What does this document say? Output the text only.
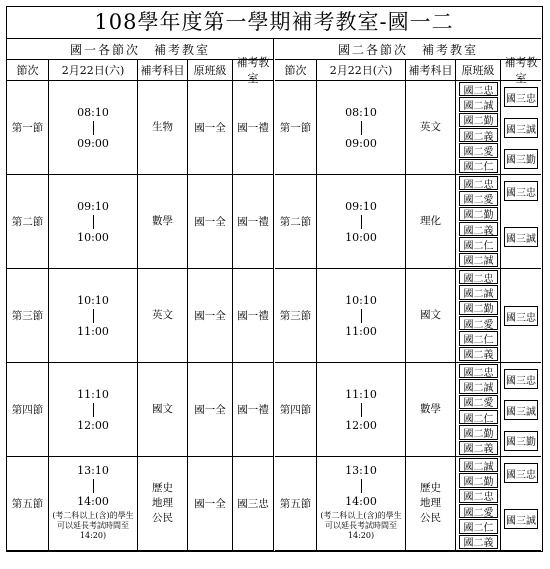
108學年度第一學期補考教室-國一二
國一各節次　補考教室
節次 2月22日(六) 補考科目 原班級
補考教室
第一節
08:10
09:00
生物 國一全 國一禮
第二節
09:10
10:00
數學 國一全 國一禮
第三節
10:10
11:00
英文 國一全 國一禮
第四節
11:10
12:00
國文 國一全 國一禮
第五節
13:10
14:00
(考二科以上(含)的學生可以延長考試時間至14:20)
歷史
地理
公民
國一全 國三忠
國二各節次　補考教室
節次 2月22日(六) 補考科目 原班級
補考教室
第一節
08:10
09:00
英文
國二忠
國二誠
國二勤
國二義
國二愛
國二仁
國三忠
國三誠
國三勤
第二節
09:10
10:00
理化
國二忠
國二愛
國二勤
國二義
國二仁
國二誠
國三忠
國三誠
第三節
10:10
11:00
國文
國二忠
國二誠
國二勤
國二愛
國二仁
國二義
國三忠
第四節
11:10
12:00
數學
國二忠
國二誠
國二愛
國二仁
國二勤
國二義
國三忠
國三誠
國三勤
第五節
13:10
14:00
(考二科以上(含)的學生可以延長考試時間至14:20)
歷史
地理
公民
國二誠
國二勤
國二忠
國二愛
國二仁
國二義
國三忠
國三誠
